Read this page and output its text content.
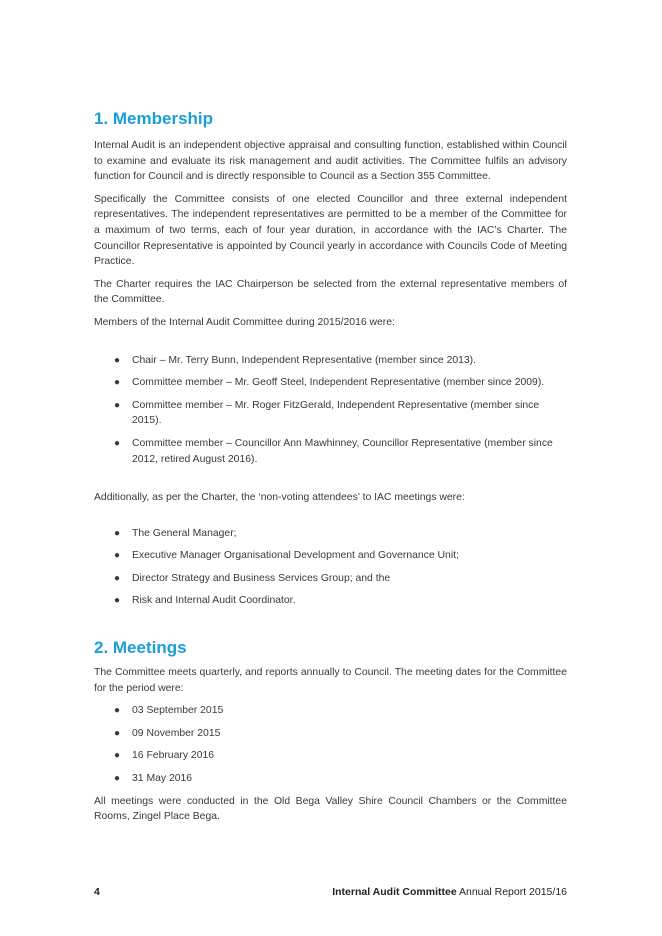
1. Membership

Internal Audit is an independent objective appraisal and consulting function, established within Council to examine and evaluate its risk management and audit activities. The Committee fulfils an advisory function for Council and is directly responsible to Council as a Section 355 Committee.

Specifically the Committee consists of one elected Councillor and three external independent representatives. The independent representatives are permitted to be a member of the Committee for a maximum of two terms, each of four year duration, in accordance with the IAC’s Charter. The Councillor Representative is appointed by Council yearly in accordance with Councils Code of Meeting Practice.

The Charter requires the IAC Chairperson be selected from the external representative members of the Committee.

Members of the Internal Audit Committee during 2015/2016 were:

● Chair – Mr. Terry Bunn, Independent Representative (member since 2013).
● Committee member – Mr. Geoff Steel, Independent Representative (member since 2009).
● Committee member – Mr. Roger FitzGerald, Independent Representative (member since 2015).
● Committee member – Councillor Ann Mawhinney, Councillor Representative (member since 2012, retired August 2016).

Additionally, as per the Charter, the ‘non-voting attendees’ to IAC meetings were:

● The General Manager;
● Executive Manager Organisational Development and Governance Unit;
● Director Strategy and Business Services Group; and the
● Risk and Internal Audit Coordinator.
2. Meetings

The Committee meets quarterly, and reports annually to Council. The meeting dates for the Committee for the period were:

● 03 September 2015
● 09 November 2015
● 16 February 2016
● 31 May 2016

All meetings were conducted in the Old Bega Valley Shire Council Chambers or the Committee Rooms, Zingel Place Bega.

4	Internal Audit Committee Annual Report 2015/16
